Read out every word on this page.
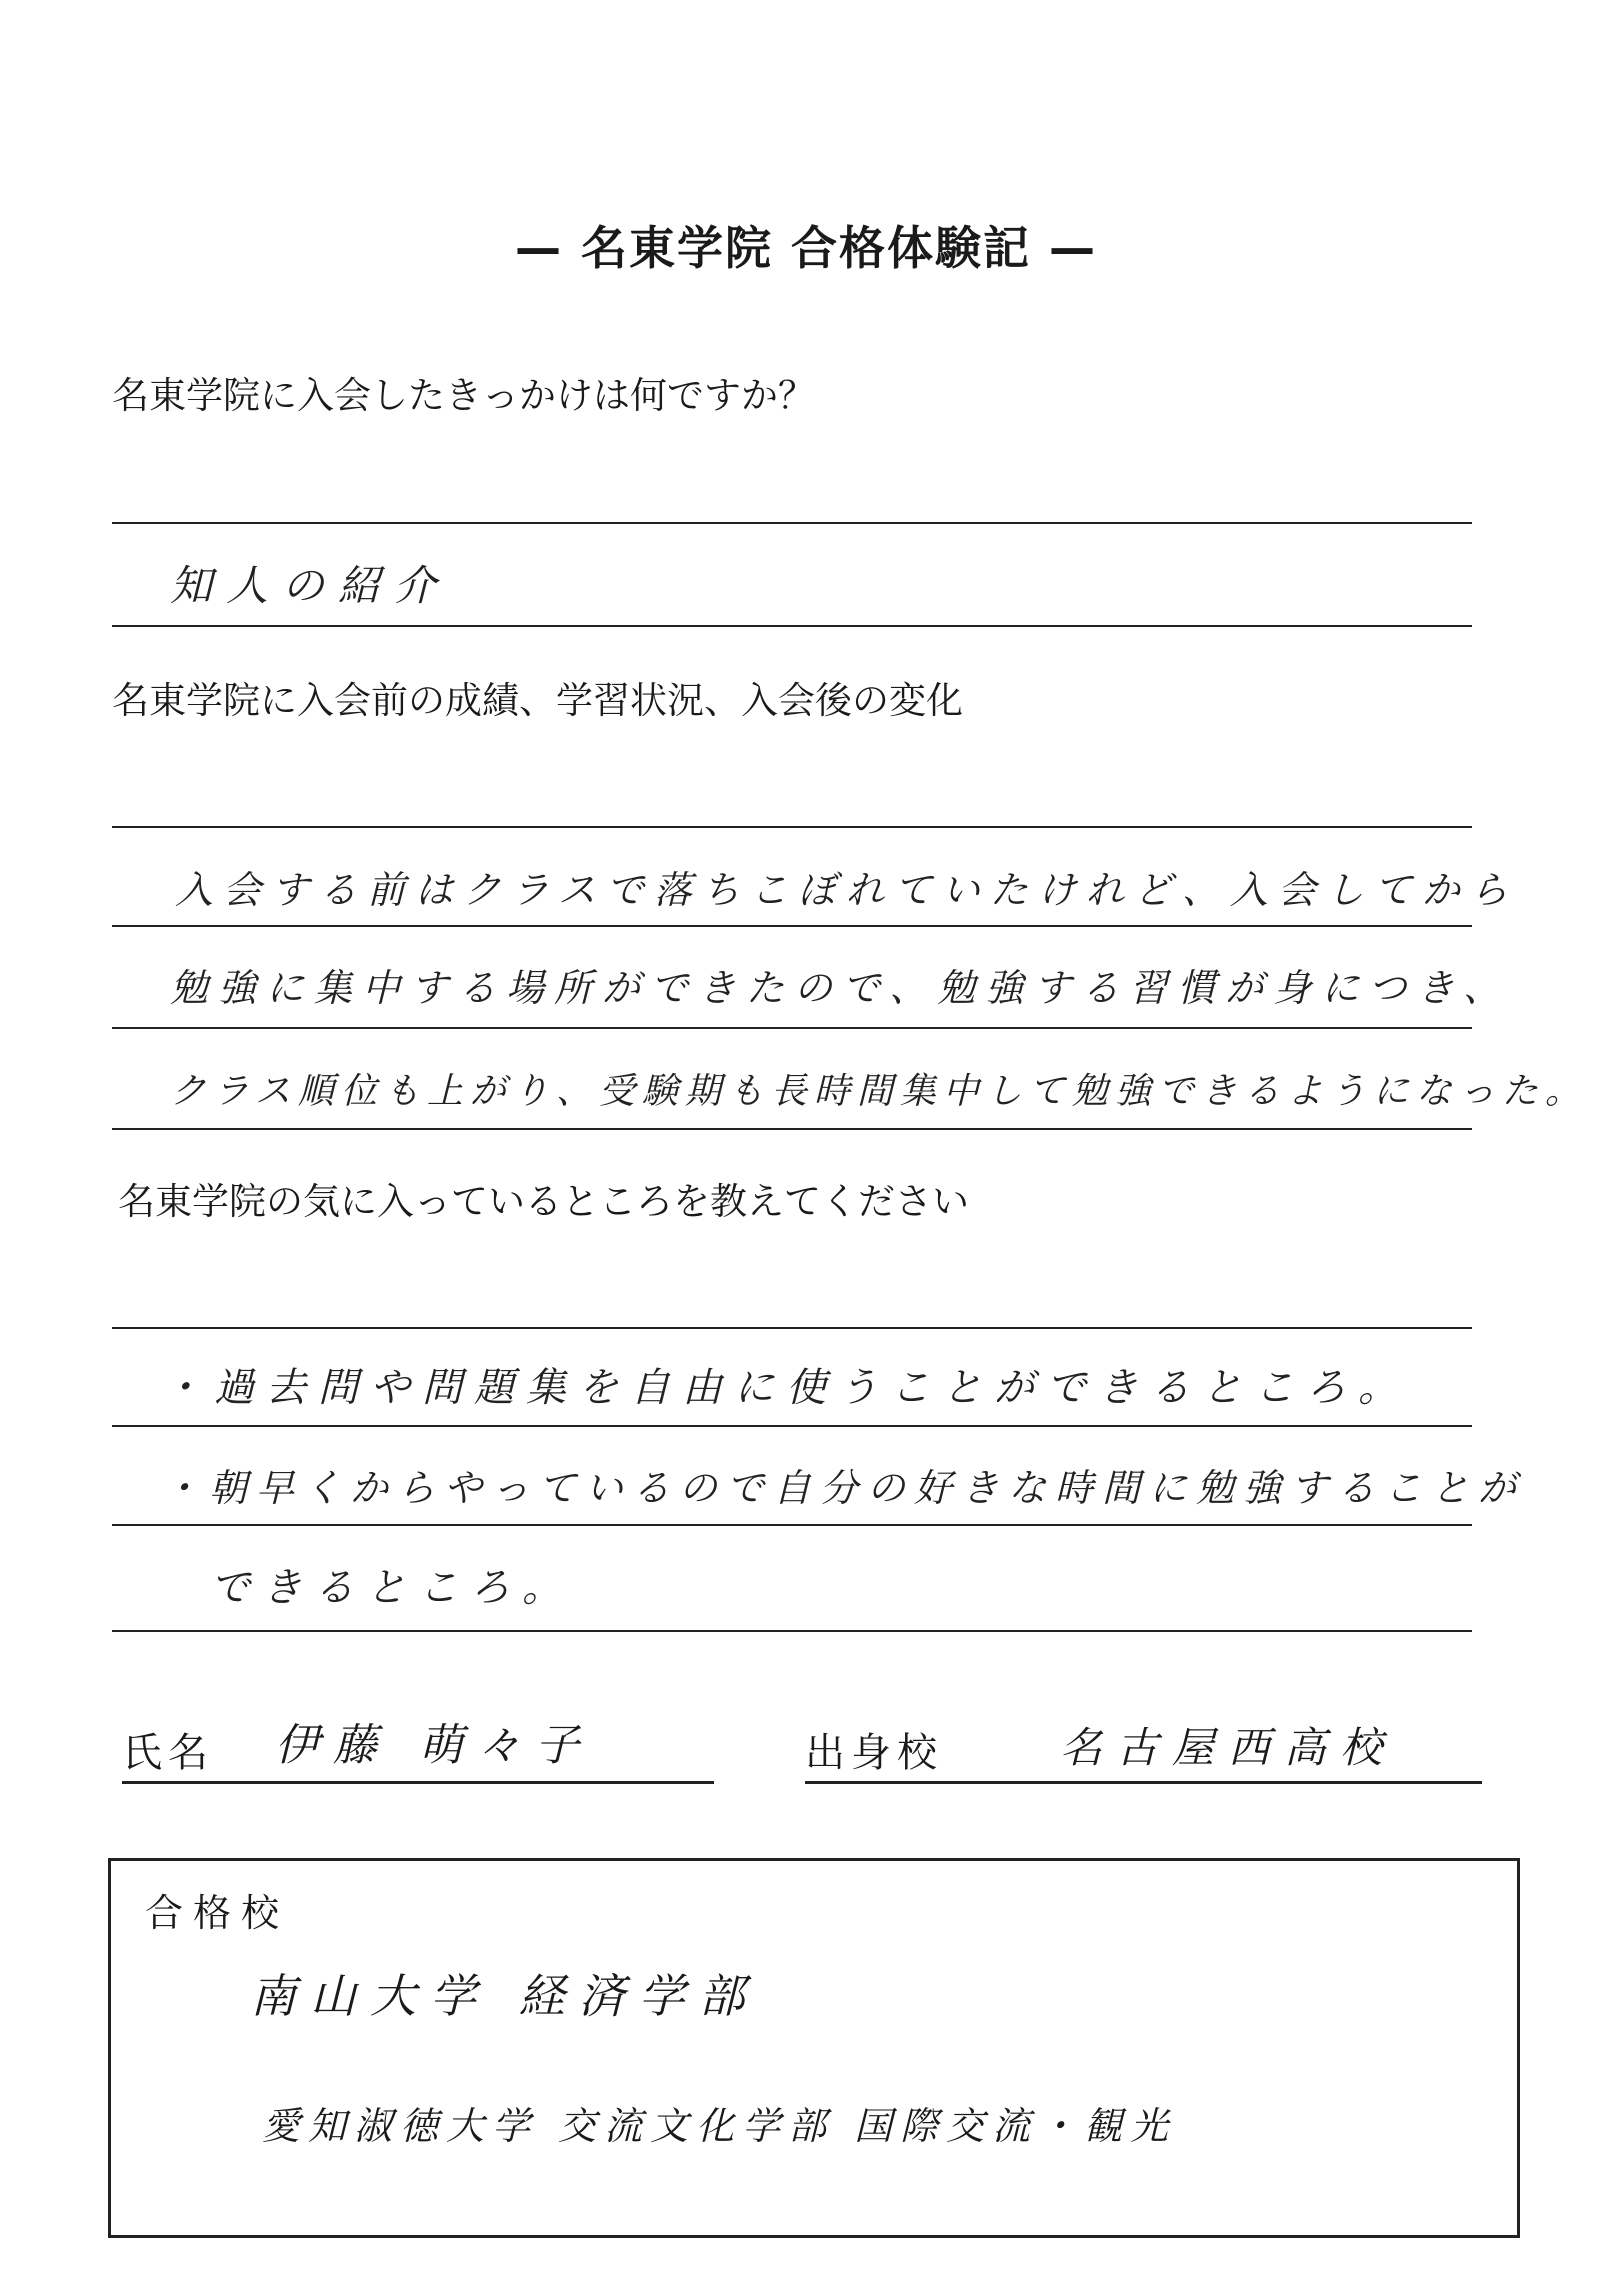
— 名東学院 合格体験記 —
名東学院に入会したきっかけは何ですか？
知人の紹介
名東学院に入会前の成績、学習状況、入会後の変化
入会する前はクラスで落ちこぼれていたけれど、入会してから
勉強に集中する場所ができたので、勉強する習慣が身につき、
クラス順位も上がり、受験期も長時間集中して勉強できるようになった。
名東学院の気に入っているところを教えてください
・過去問や問題集を自由に使うことができるところ。
・朝早くからやっているので自分の好きな時間に勉強することが
できるところ。
氏名 伊藤 萌々子	出身校	名古屋西高校
合格校
南山大学 経済学部
愛知淑徳大学 交流文化学部 国際交流・観光
